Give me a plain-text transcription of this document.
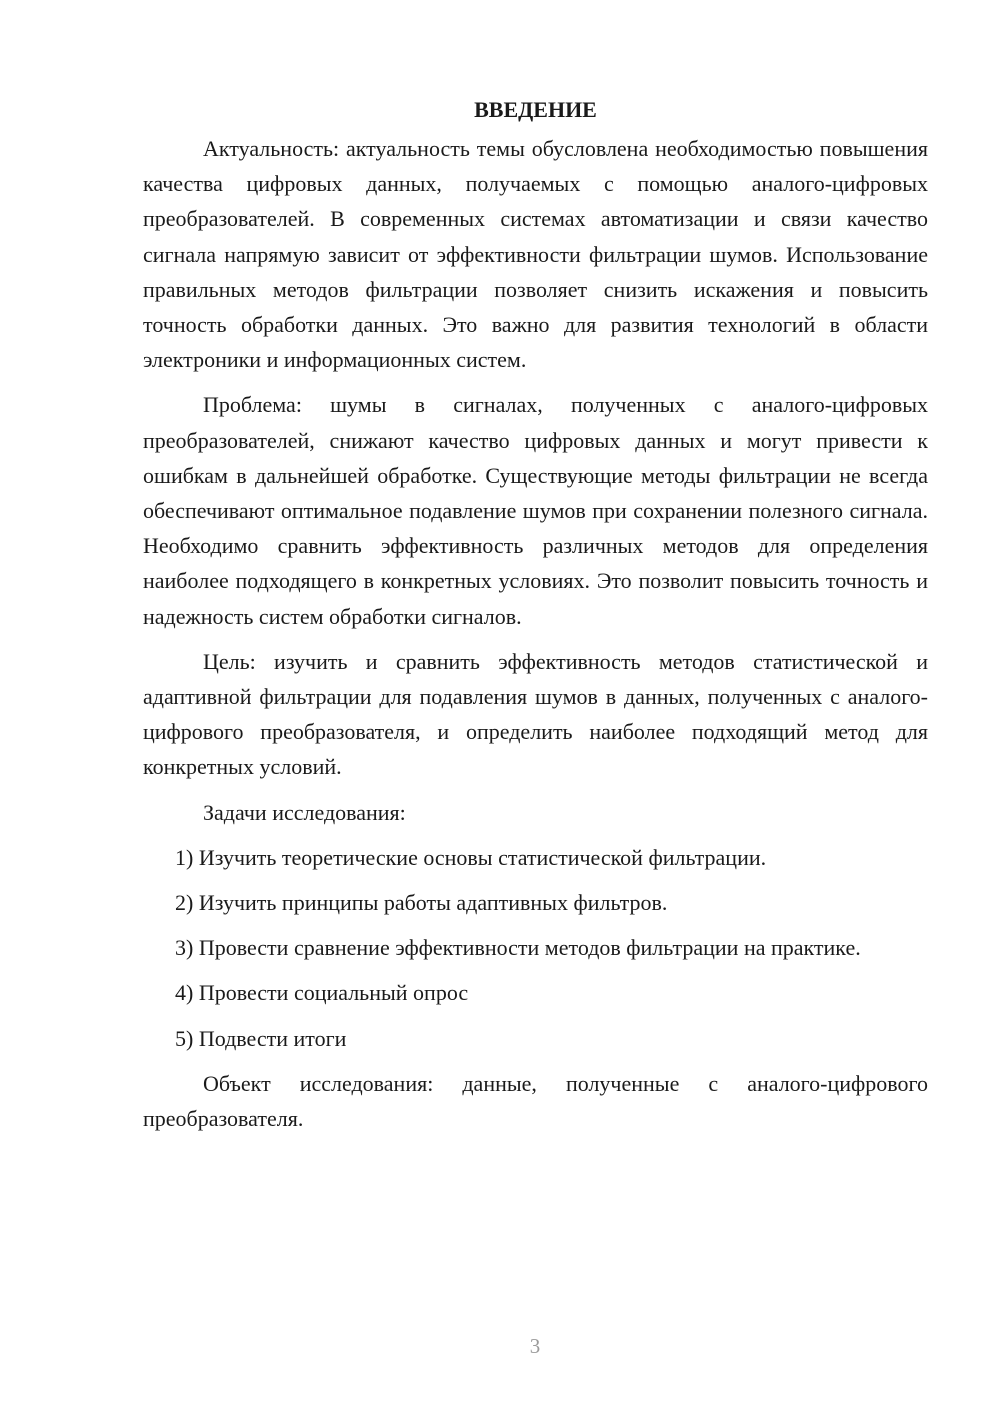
ВВЕДЕНИЕ

Актуальность: актуальность темы обусловлена необходимостью повышения качества цифровых данных, получаемых с помощью аналого-цифровых преобразователей. В современных системах автоматизации и связи качество сигнала напрямую зависит от эффективности фильтрации шумов. Использование правильных методов фильтрации позволяет снизить искажения и повысить точность обработки данных. Это важно для развития технологий в области электроники и информационных систем.

Проблема: шумы в сигналах, полученных с аналого-цифровых преобразователей, снижают качество цифровых данных и могут привести к ошибкам в дальнейшей обработке. Существующие методы фильтрации не всегда обеспечивают оптимальное подавление шумов при сохранении полезного сигнала. Необходимо сравнить эффективность различных методов для определения наиболее подходящего в конкретных условиях. Это позволит повысить точность и надежность систем обработки сигналов.

Цель: изучить и сравнить эффективность методов статистической и адаптивной фильтрации для подавления шумов в данных, полученных с аналого-цифрового преобразователя, и определить наиболее подходящий метод для конкретных условий.

Задачи исследования:

1) Изучить теоретические основы статистической фильтрации.

2) Изучить принципы работы адаптивных фильтров.

3) Провести сравнение эффективности методов фильтрации на практике.

4) Провести социальный опрос

5) Подвести итоги

Объект исследования: данные, полученные с аналого-цифрового преобразователя.

3
